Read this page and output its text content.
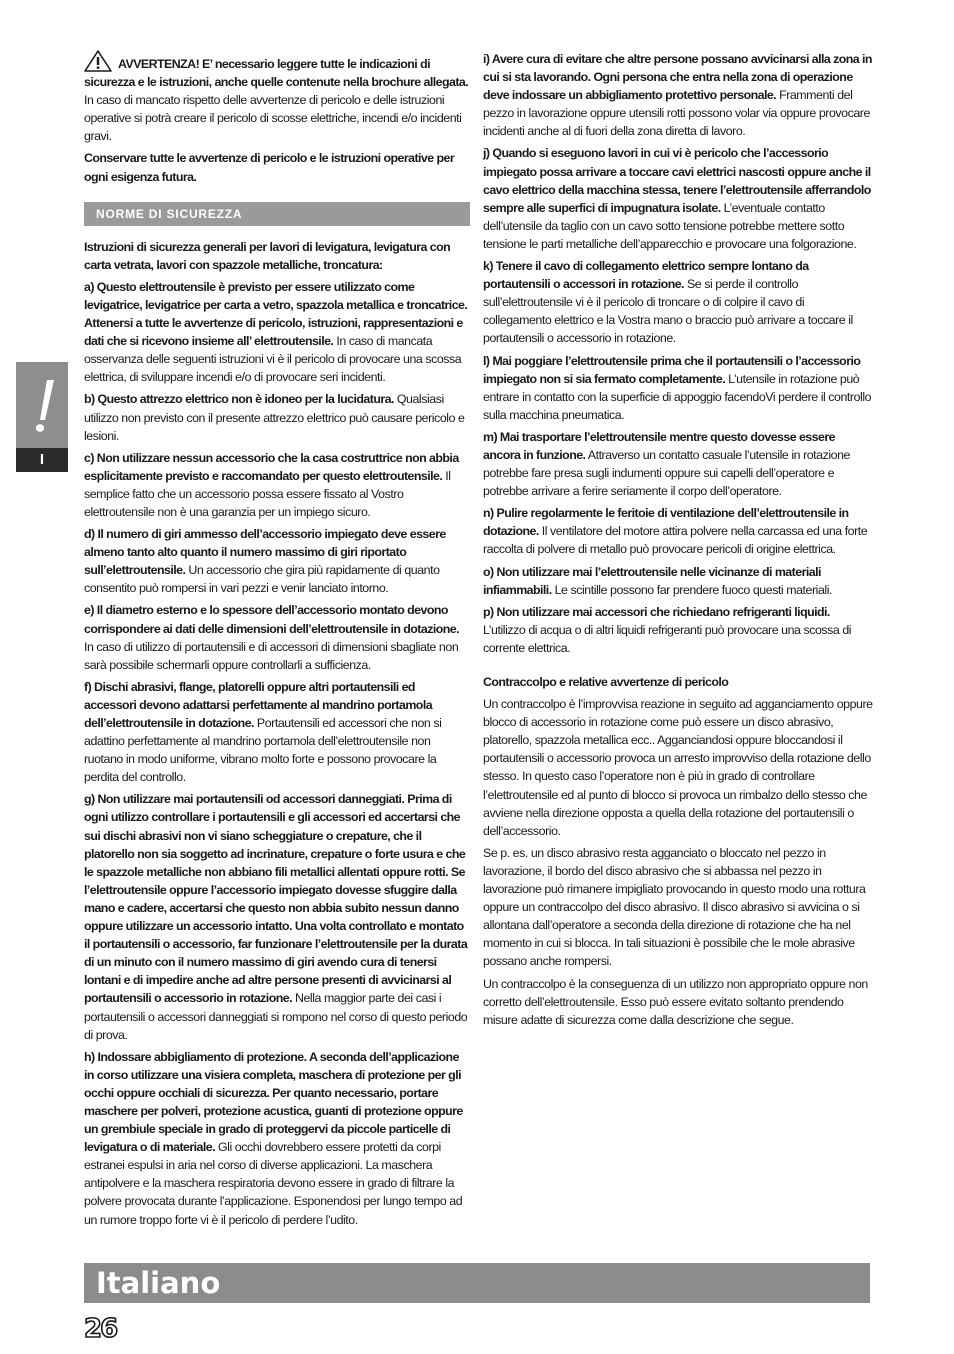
AVVERTENZA! E’ necessario leggere tutte le indicazioni di sicurezza e le istruzioni, anche quelle contenute nella brochure allegata. In caso di mancato rispetto delle avvertenze di pericolo e delle istruzioni operative si potrà creare il pericolo di scosse elettriche, incendi e/o incidenti gravi.

Conservare tutte le avvertenze di pericolo e le istruzioni operative per ogni esigenza futura.

NORME DI SICUREZZA

Istruzioni di sicurezza generali per lavori di levigatura, levigatura con carta vetrata, lavori con spazzole metalliche, troncatura:

a) Questo elettroutensile è previsto per essere utilizzato come levigatrice, levigatrice per carta a vetro, spazzola metallica e troncatrice. Attenersi a tutte le avvertenze di pericolo, istruzioni, rappresentazioni e dati che si ricevono insieme all’ elettroutensile. In caso di mancata osservanza delle seguenti istruzioni vi è il pericolo di provocare una scossa elettrica, di sviluppare incendi e/o di provocare seri incidenti.

b) Questo attrezzo elettrico non è idoneo per la lucidatura. Qualsiasi utilizzo non previsto con il presente attrezzo elettrico può causare pericolo e lesioni.

c) Non utilizzare nessun accessorio che la casa costruttrice non abbia esplicitamente previsto e raccomandato per questo elettroutensile. Il semplice fatto che un accessorio possa essere fissato al Vostro elettroutensile non è una garanzia per un impiego sicuro.

d) Il numero di giri ammesso dell’accessorio impiegato deve essere almeno tanto alto quanto il numero massimo di giri riportato sull’elettroutensile. Un accessorio che gira più rapidamente di quanto consentito può rompersi in vari pezzi e venir lanciato intorno.

e) Il diametro esterno e lo spessore dell’accessorio montato devono corrispondere ai dati delle dimensioni dell’elettroutensile in dotazione. In caso di utilizzo di portautensili e di accessori di dimensioni sbagliate non sarà possibile schermarli oppure controllarli a sufficienza.

f) Dischi abrasivi, flange, platorelli oppure altri portautensili ed accessori devono adattarsi perfettamente al mandrino portamola dell’elettroutensile in dotazione. Portautensili ed accessori che non si adattino perfettamente al mandrino portamola dell’elettroutensile non ruotano in modo uniforme, vibrano molto forte e possono provocare la perdita del controllo.

g) Non utilizzare mai portautensili od accessori danneggiati. Prima di ogni utilizzo controllare i portautensili e gli accessori ed accertarsi che sui dischi abrasivi non vi siano scheggiature o crepature, che il platorello non sia soggetto ad incrinature, crepature o forte usura e che le spazzole metalliche non abbiano fili metallici allentati oppure rotti. Se l’elettroutensile oppure l’accessorio impiegato dovesse sfuggire dalla mano e cadere, accertarsi che questo non abbia subito nessun danno oppure utilizzare un accessorio intatto. Una volta controllato e montato il portautensili o accessorio, far funzionare l’elettroutensile per la durata di un minuto con il numero massimo di giri avendo cura di tenersi lontani e di impedire anche ad altre persone presenti di avvicinarsi al portautensili o accessorio in rotazione. Nella maggior parte dei casi i portautensili o accessori danneggiati si rompono nel corso di questo periodo di prova.

h) Indossare abbigliamento di protezione. A seconda dell’applicazione in corso utilizzare una visiera completa, maschera di protezione per gli occhi oppure occhiali di sicurezza. Per quanto necessario, portare maschere per polveri, protezione acustica, guanti di protezione oppure un grembiule speciale in grado di proteggervi da piccole particelle di levigatura o di materiale. Gli occhi dovrebbero essere protetti da corpi estranei espulsi in aria nel corso di diverse applicazioni. La maschera antipolvere e la maschera respiratoria devono essere in grado di filtrare la polvere provocata durante l’applicazione. Esponendosi per lungo tempo ad un rumore troppo forte vi è il pericolo di perdere l’udito.

i) Avere cura di evitare che altre persone possano avvicinarsi alla zona in cui si sta lavorando. Ogni persona che entra nella zona di operazione deve indossare un abbigliamento protettivo personale. Frammenti del pezzo in lavorazione oppure utensili rotti possono volar via oppure provocare incidenti anche al di fuori della zona diretta di lavoro.

j) Quando si eseguono lavori in cui vi è pericolo che l’accessorio impiegato possa arrivare a toccare cavi elettrici nascosti oppure anche il cavo elettrico della macchina stessa, tenere l’elettroutensile afferrandolo sempre alle superfici di impugnatura isolate. L’eventuale contatto dell’utensile da taglio con un cavo sotto tensione potrebbe mettere sotto tensione le parti metalliche dell’apparecchio e provocare una folgorazione.

k) Tenere il cavo di collegamento elettrico sempre lontano da portautensili o accessori in rotazione. Se si perde il controllo sull’elettroutensile vi è il pericolo di troncare o di colpire il cavo di collegamento elettrico e la Vostra mano o braccio può arrivare a toccare il portautensili o accessorio in rotazione.

l) Mai poggiare l’elettroutensile prima che il portautensili o l’accessorio impiegato non si sia fermato completamente. L’utensile in rotazione può entrare in contatto con la superficie di appoggio facendoVi perdere il controllo sulla macchina pneumatica.

m) Mai trasportare l’elettroutensile mentre questo dovesse essere ancora in funzione. Attraverso un contatto casuale l’utensile in rotazione potrebbe fare presa sugli indumenti oppure sui capelli dell’operatore e potrebbe arrivare a ferire seriamente il corpo dell’operatore.

n) Pulire regolarmente le feritoie di ventilazione dell’elettroutensile in dotazione. Il ventilatore del motore attira polvere nella carcassa ed una forte raccolta di polvere di metallo può provocare pericoli di origine elettrica.

o) Non utilizzare mai l’elettroutensile nelle vicinanze di materiali infiammabili. Le scintille possono far prendere fuoco questi materiali.

p) Non utilizzare mai accessori che richiedano refrigeranti liquidi. L’utilizzo di acqua o di altri liquidi refrigeranti può provocare una scossa di corrente elettrica.

Contraccolpo e relative avvertenze di pericolo

Un contraccolpo è l’improvvisa reazione in seguito ad agganciamento oppure blocco di accessorio in rotazione come può essere un disco abrasivo, platorello, spazzola metallica ecc.. Agganciandosi oppure bloccandosi il portautensili o accessorio provoca un arresto improvviso della rotazione dello stesso. In questo caso l’operatore non è più in grado di controllare l’elettroutensile ed al punto di blocco si provoca un rimbalzo dello stesso che avviene nella direzione opposta a quella della rotazione del portautensili o dell’accessorio.

Se p. es. un disco abrasivo resta agganciato o bloccato nel pezzo in lavorazione, il bordo del disco abrasivo che si abbassa nel pezzo in lavorazione può rimanere impigliato provocando in questo modo una rottura oppure un contraccolpo del disco abrasivo. Il disco abrasivo si avvicina o si allontana dall’operatore a seconda della direzione di rotazione che ha nel momento in cui si blocca. In tali situazioni è possibile che le mole abrasive possano anche rompersi.

Un contraccolpo è la conseguenza di un utilizzo non appropriato oppure non corretto dell’elettroutensile. Esso può essere evitato soltanto prendendo misure adatte di sicurezza come dalla descrizione che segue.

I
Italiano
26
